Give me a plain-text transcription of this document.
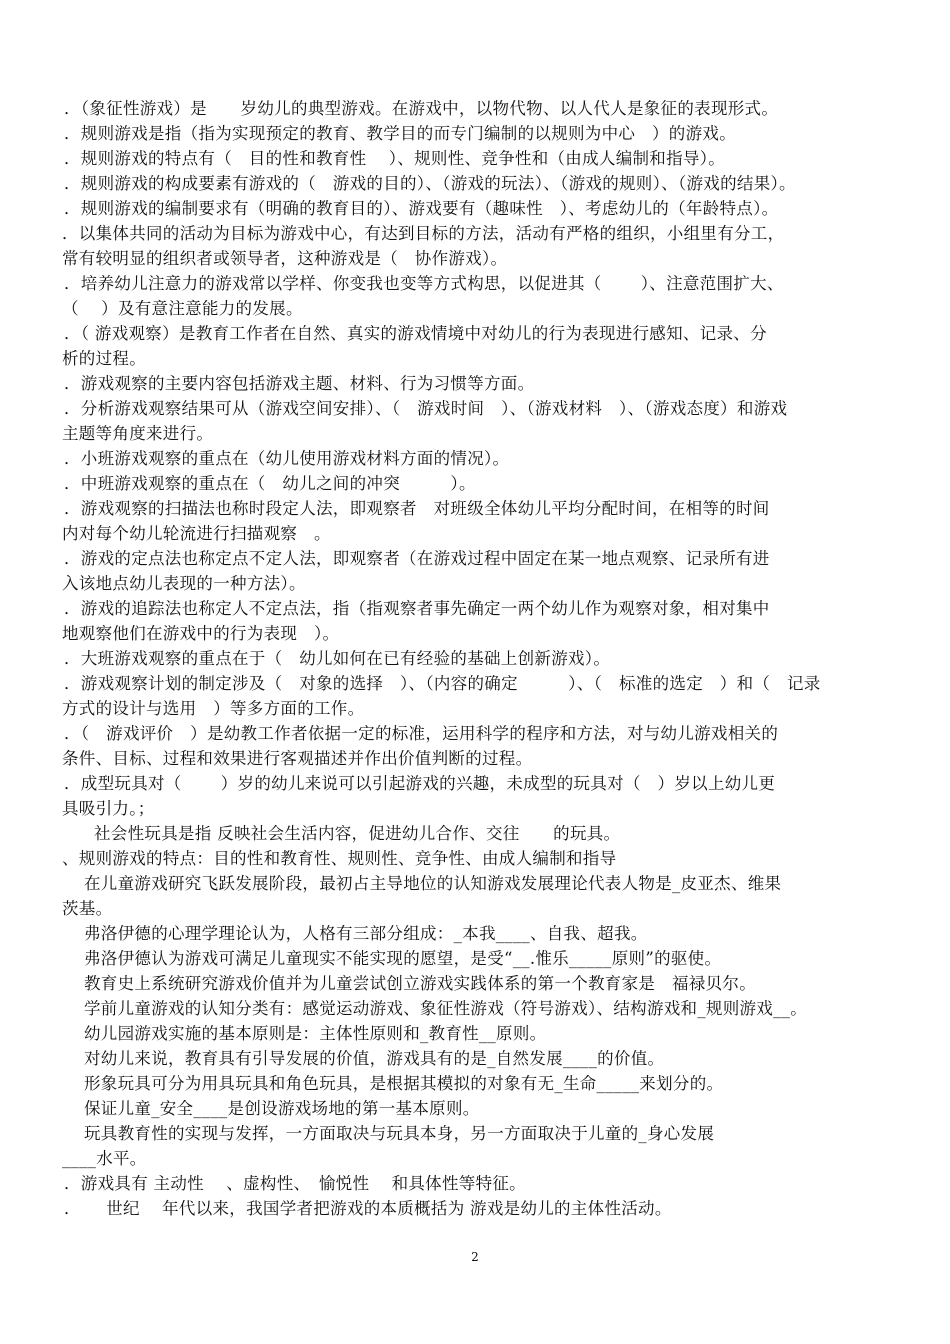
．（象征性游戏）是　　岁幼儿的典型游戏。在游戏中，以物代物、以人代人是象征的表现形式。
．规则游戏是指（指为实现预定的教育、教学目的而专门编制的以规则为中心　）的游戏。
．规则游戏的特点有（　目的性和教育性　 ）、规则性、竞争性和（由成人编制和指导）。
．规则游戏的构成要素有游戏的（　游戏的目的）、（游戏的玩法）、（游戏的规则）、（游戏的结果）。
．规则游戏的编制要求有（明确的教育目的）、游戏要有（趣味性　）、考虑幼儿的（年龄特点）。
．以集体共同的活动为目标为游戏中心，有达到目标的方法，活动有严格的组织，小组里有分工，
常有较明显的组织者或领导者，这种游戏是（　协作游戏）。
．培养幼儿注意力的游戏常以学样、你变我也变等方式构思，以促进其（　　 ）、注意范围扩大、
（　 ）及有意注意能力的发展。
．（ 游戏观察）是教育工作者在自然、真实的游戏情境中对幼儿的行为表现进行感知、记录、分
析的过程。
．游戏观察的主要内容包括游戏主题、材料、行为习惯等方面。
．分析游戏观察结果可从（游戏空间安排）、（　游戏时间　）、（游戏材料　）、（游戏态度）和游戏
主题等角度来进行。
．小班游戏观察的重点在（幼儿使用游戏材料方面的情况）。
．中班游戏观察的重点在（　幼儿之间的冲突　　　）。
．游戏观察的扫描法也称时段定人法，即观察者　对班级全体幼儿平均分配时间，在相等的时间
内对每个幼儿轮流进行扫描观察　。
．游戏的定点法也称定点不定人法，即观察者（在游戏过程中固定在某一地点观察、记录所有进
入该地点幼儿表现的一种方法）。
．游戏的追踪法也称定人不定点法，指（指观察者事先确定一两个幼儿作为观察对象，相对集中
地观察他们在游戏中的行为表现　）。
．大班游戏观察的重点在于（　幼儿如何在已有经验的基础上创新游戏）。
．游戏观察计划的制定涉及（　对象的选择　）、（内容的确定　　　）、（　标准的选定　）和（　记录
方式的设计与选用　）等多方面的工作。
．（　游戏评价　）是幼教工作者依据一定的标准，运用科学的程序和方法，对与幼儿游戏相关的
条件、目标、过程和效果进行客观描述并作出价值判断的过程。
．成型玩具对（　　 ）岁的幼儿来说可以引起游戏的兴趣，未成型的玩具对（　）岁以上幼儿更
具吸引力。；
社会性玩具是指 反映社会生活内容，促进幼儿合作、交往　　的玩具。
、规则游戏的特点：目的性和教育性、规则性、竞争性、由成人编制和指导
在儿童游戏研究飞跃发展阶段，最初占主导地位的认知游戏发展理论代表人物是_皮亚杰、维果
茨基。
弗洛伊德的心理学理论认为，人格有三部分组成：_本我____、自我、超我。
弗洛伊德认为游戏可满足儿童现实不能实现的愿望，是受“__.惟乐_____原则”的驱使。
教育史上系统研究游戏价值并为儿童尝试创立游戏实践体系的第一个教育家是　福禄贝尔。
学前儿童游戏的认知分类有：感觉运动游戏、象征性游戏（符号游戏）、结构游戏和_规则游戏__。
幼儿园游戏实施的基本原则是：主体性原则和_教育性__原则。
对幼儿来说，教育具有引导发展的价值，游戏具有的是_自然发展____的价值。
形象玩具可分为用具玩具和角色玩具，是根据其模拟的对象有无_生命_____来划分的。
保证儿童_安全____是创设游戏场地的第一基本原则。
玩具教育性的实现与发挥，一方面取决与玩具本身，另一方面取决于儿童的_身心发展
____水平。
．游戏具有 主动性　 、虚构性、　愉悦性　 和具体性等特征。
．　　世纪　 年代以来，我国学者把游戏的本质概括为 游戏是幼儿的主体性活动。
2
